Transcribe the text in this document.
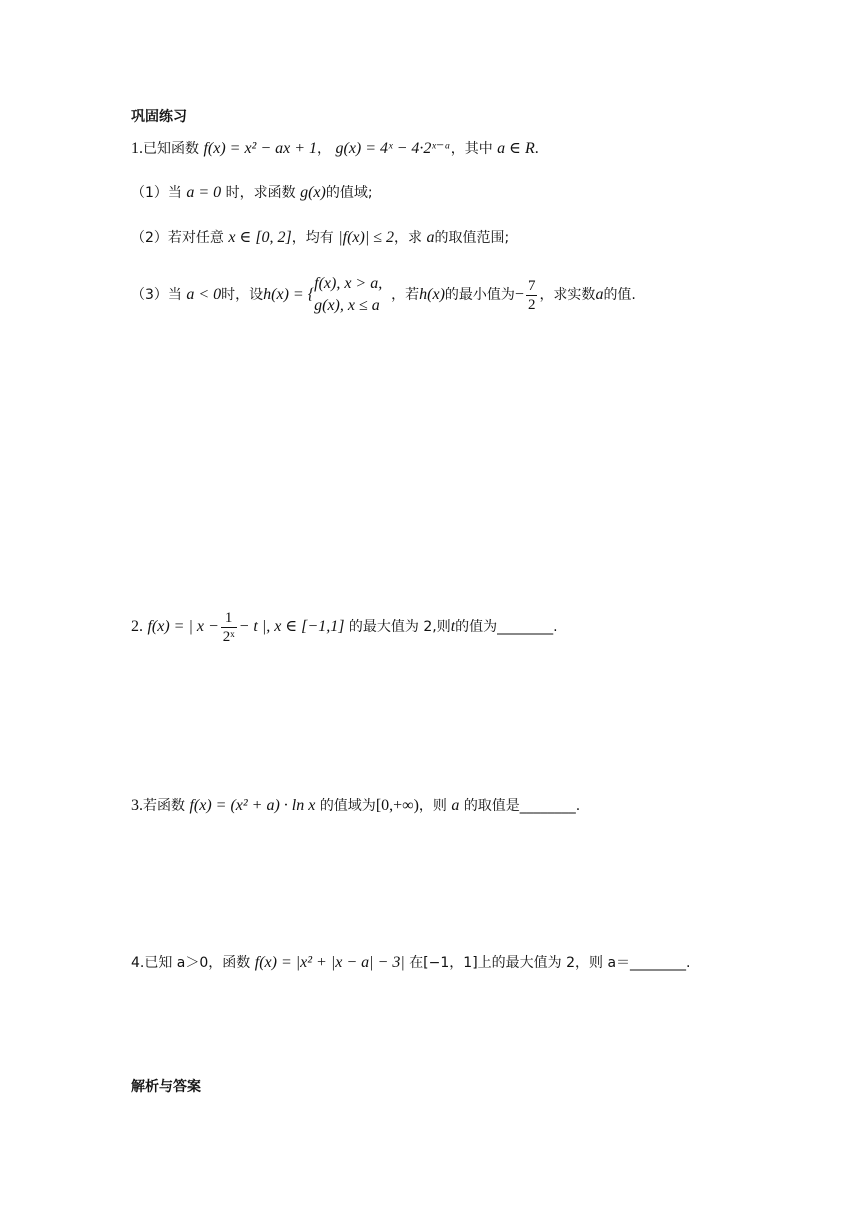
巩固练习
1.已知函数 f(x) = x² − ax + 1， g(x) = 4ˣ − 4·2ˣ⁻ᵃ，其中 a ∈ R.
（1）当 a = 0 时，求函数 g(x)的值域;
（2）若对任意 x ∈ [0, 2]，均有 |f(x)| ≤ 2，求 a的取值范围;
（3）当
a < 0 时，设 h(x) = {
f(x), x > a,
g(x), x ≤ a

，若 h(x) 的最小值为 − $\frac{7}{2}$ ，求实数 a 的值.
2.
f(x) = | $x - \frac{1}{\text{2ˣ}} - t$ |, x ∈ [−1,1]
的最大值为 2,则 t 的值为________.
3.若函数 f(x) = (x² + a) · ln x 的值域为[0,+∞)，则 a 的取值是________.
4.已知 a＞0，函数 f(x) = |x² + |x − a| − 3| 在[−1，1]上的最大值为 2，则 a＝________.
解析与答案
